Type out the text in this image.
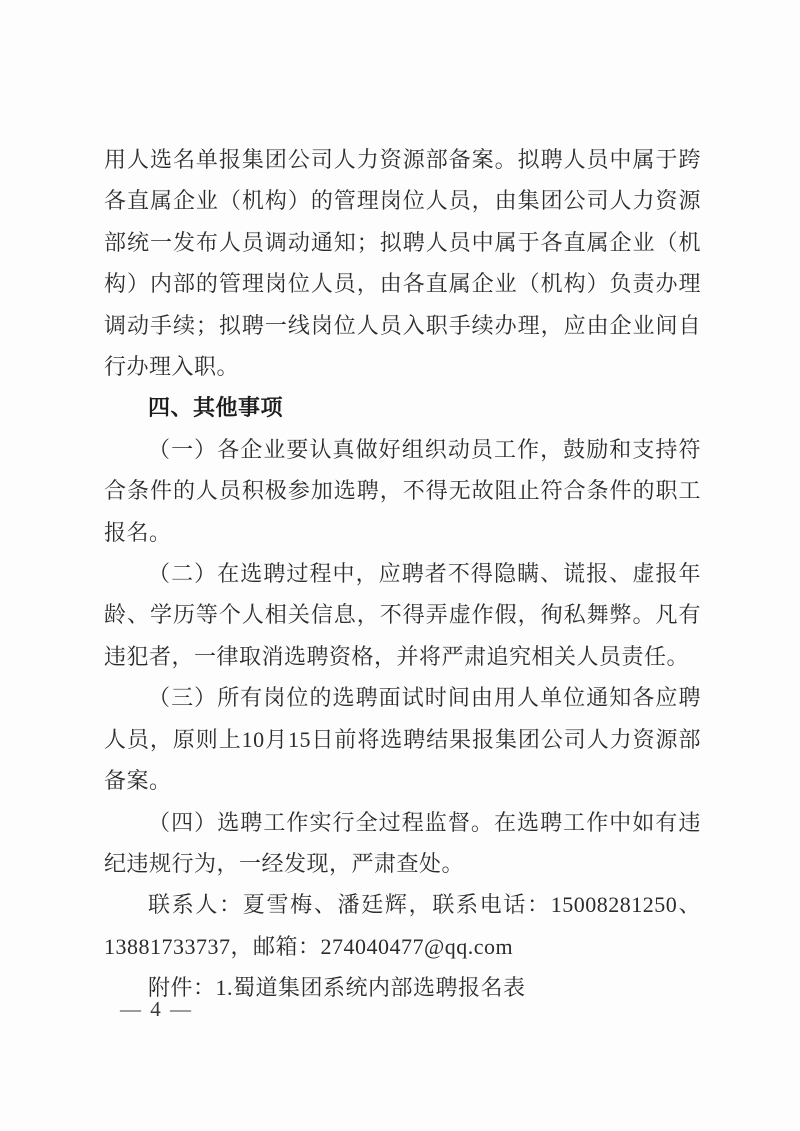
用人选名单报集团公司人力资源部备案。拟聘人员中属于跨各直属企业（机构）的管理岗位人员，由集团公司人力资源部统一发布人员调动通知；拟聘人员中属于各直属企业（机构）内部的管理岗位人员，由各直属企业（机构）负责办理调动手续；拟聘一线岗位人员入职手续办理，应由企业间自行办理入职。

四、其他事项

（一）各企业要认真做好组织动员工作，鼓励和支持符合条件的人员积极参加选聘，不得无故阻止符合条件的职工报名。

（二）在选聘过程中，应聘者不得隐瞒、谎报、虚报年龄、学历等个人相关信息，不得弄虚作假，徇私舞弊。凡有违犯者，一律取消选聘资格，并将严肃追究相关人员责任。

（三）所有岗位的选聘面试时间由用人单位通知各应聘人员，原则上10月15日前将选聘结果报集团公司人力资源部备案。

（四）选聘工作实行全过程监督。在选聘工作中如有违纪违规行为，一经发现，严肃查处。

联系人：夏雪梅、潘廷辉，联系电话：15008281250、13881733737，邮箱：274040477@qq.com

附件：1.蜀道集团系统内部选聘报名表

— 4 —
